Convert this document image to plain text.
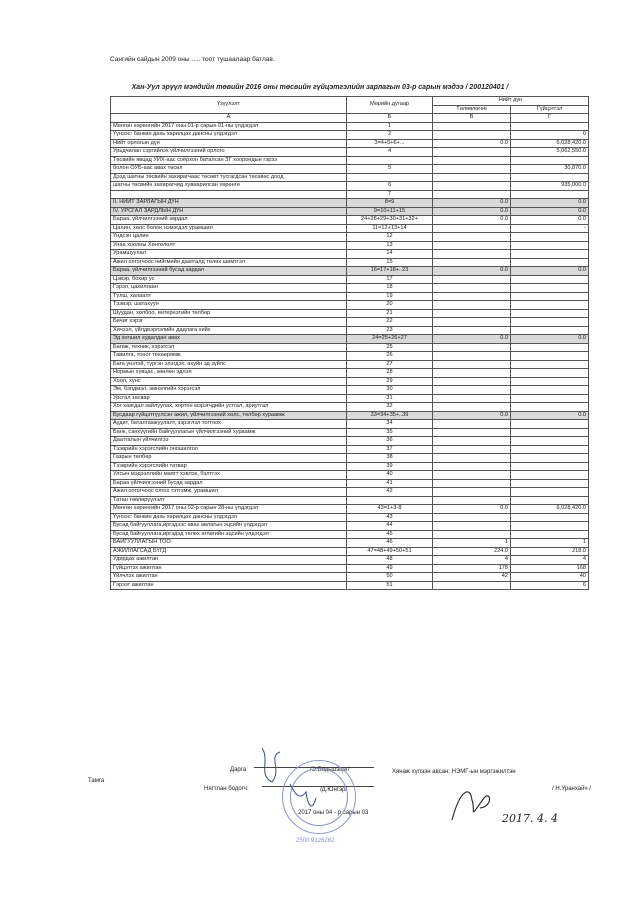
Сангийн сайдын 2009 оны ..... тоот тушаалаар батлав.
Хан-Уул эрүүл мэндийн төвийн 2016 оны төсвийн гүйцэтгэлийн зарлагын 03-р сарын мэдээ / 200120401 /
Үзүүлэлт	Мөрийн дугаар	Нийт дүн	
		Төлөвлөгөө	Гүйцэтгэл
А	Б	В	Г
Мөнгөн хөрөнгийн 2017 оны 01-р сарын 01-ны үлдэгдэл	1		
Үүнээс: банкин дахь харилцах дансны үлдэгдэл	2		0
Нийт орлогын дүн	3=4+5+6+...	0.0	6,028,420.0
Урьдчилан сэргийлэх үйлчилгээний орлого	4		5,062,550.0
Төсвийн явцад УИХ-аас соёрхон баталсан ЗГ хоорондын гэрээ			
болон ОУБ-аас авах төсөл	5		30,870.0
Дээд шатны төсвийн захирагчаас төсөвт тусгагдсан төсөвөс доод			
шатны төсвийн захирагчид хуваарилсан хөрөнгө	6		935,000.0
	7		
II. НИЙТ ЗАРЛАГЫН ДҮН	8=9	0.0	0.0
IV. УРСГАЛ ЗАРДЛЫН ДҮН	9=10+11+15	0.0	0.0
Бараа, үйлчилгээний зардал	24+28+29+30+31+32+	0.0	0.0
Цалин, хөлс болон нэмэгдэл урамшил	11=12+13+14		-
Үндсэн цалин	12		
Унаа хоолны Хөнгөлөлт	13		
Урамшуулал	14		
Ажил олгогчоос нийгмийн даатгалд төлөх шимтгэл	15		
Бараа, үйлчилгээний бусад зардал	16=17+18+..23	0.0	0.0
Цэвэр, бохир ус	17		
Гэрэл, цахилгаан	18		
Түлш, халаалт	19		
Тээвэр, шатахуун	20		
Шуудан, холбоо, интернэтийн төлбөр	21		
Бичиг хэрэг	22		
Хичээл, үйлдвэрлэлийн дадлага хийх	23		
Эд хогшил худалдан авах	24=25+26+27	0.0	0.0
Багаж, техник, хэрэгсэл	25		
Тавилга, тоног төхөөрөмж	26		
Бага унэтэй, түргэн элэгдэх, ахуйн эд зүйлс	27		
Нормын хувцас, зөөлөн эдлэл	28		
Хоол, хүнс	29		
Эм, бэлдмэл, эмнэлгийн хэрэгсэл	30		
Урсгал засвар	31		
Хог хаягдал зайлуулах, хортон мэрэгчдийн устгал, ариутгал	32		
Бусдаар гүйцэтгүүлсэн ажил, үйлчилгээний хөлс, төлбөр хураамж	33=34+35+..39	0.0	0.0
Аудит, баталгаажуулалт, зэрэглэл тогтоох	34		
Банк, санхүүгийн байгууллагын үйлчилгээний хураамж	35		
Даатгалын үйлчилгээ	36		
Тээврийн хэрэгслийн оношилгоо	37		
Газрын төлбөр	38		
Тээврийн хэрэгслийн татвар	39		
Улсын мэдээллийн маягт хэвлэх, бэлтгэх	40		
Бараа үйлчилгээний бусад зардал	41		
Ажил олгогчоос олгох тэтгэмж, урамшил	42		
Татан төвлөрүүлэлт			
Мөнгөн хөрөнгийн 2017 оны 02-р сарын 28-ны үлдэгдэл	43=1+3-8	0.0	6,028,420.0
Үүнээс: банкин дахь харилцах дансны үлдэгдэл	43		
Бусад байгууллага,иргэдээс авах авлагын эцсийн үлдэгдэл	44		
Бусад байгууллага,иргэдэд төлөх өглөгийн эцсийн үлдэгдэл	45		
БАЙГУУЛЛАГЫН ТОО	46	1	1
АЖИЛЛАГСАД БҮГД	47=48+49+50+51	224.0	218.0
Удирдах ажилтан	48	4	4
Гүйцэтгэх ажилтан	49	178	168
Үйлчлэх ажилтан	50	42	40
Гэрээт ажилтан	51		6
Тамга
Дарга	/Э.Бодьшэцэг/
Нягтлан бодогч:	/Д.Юнгэр/
2017 оны 04 - р сарын 03
Хянаж хүлээн авсан: НЭМГ-ын мэргэжилтэн
/ Н.Уранхайч /
2017. 4. 4
2500 9126262
